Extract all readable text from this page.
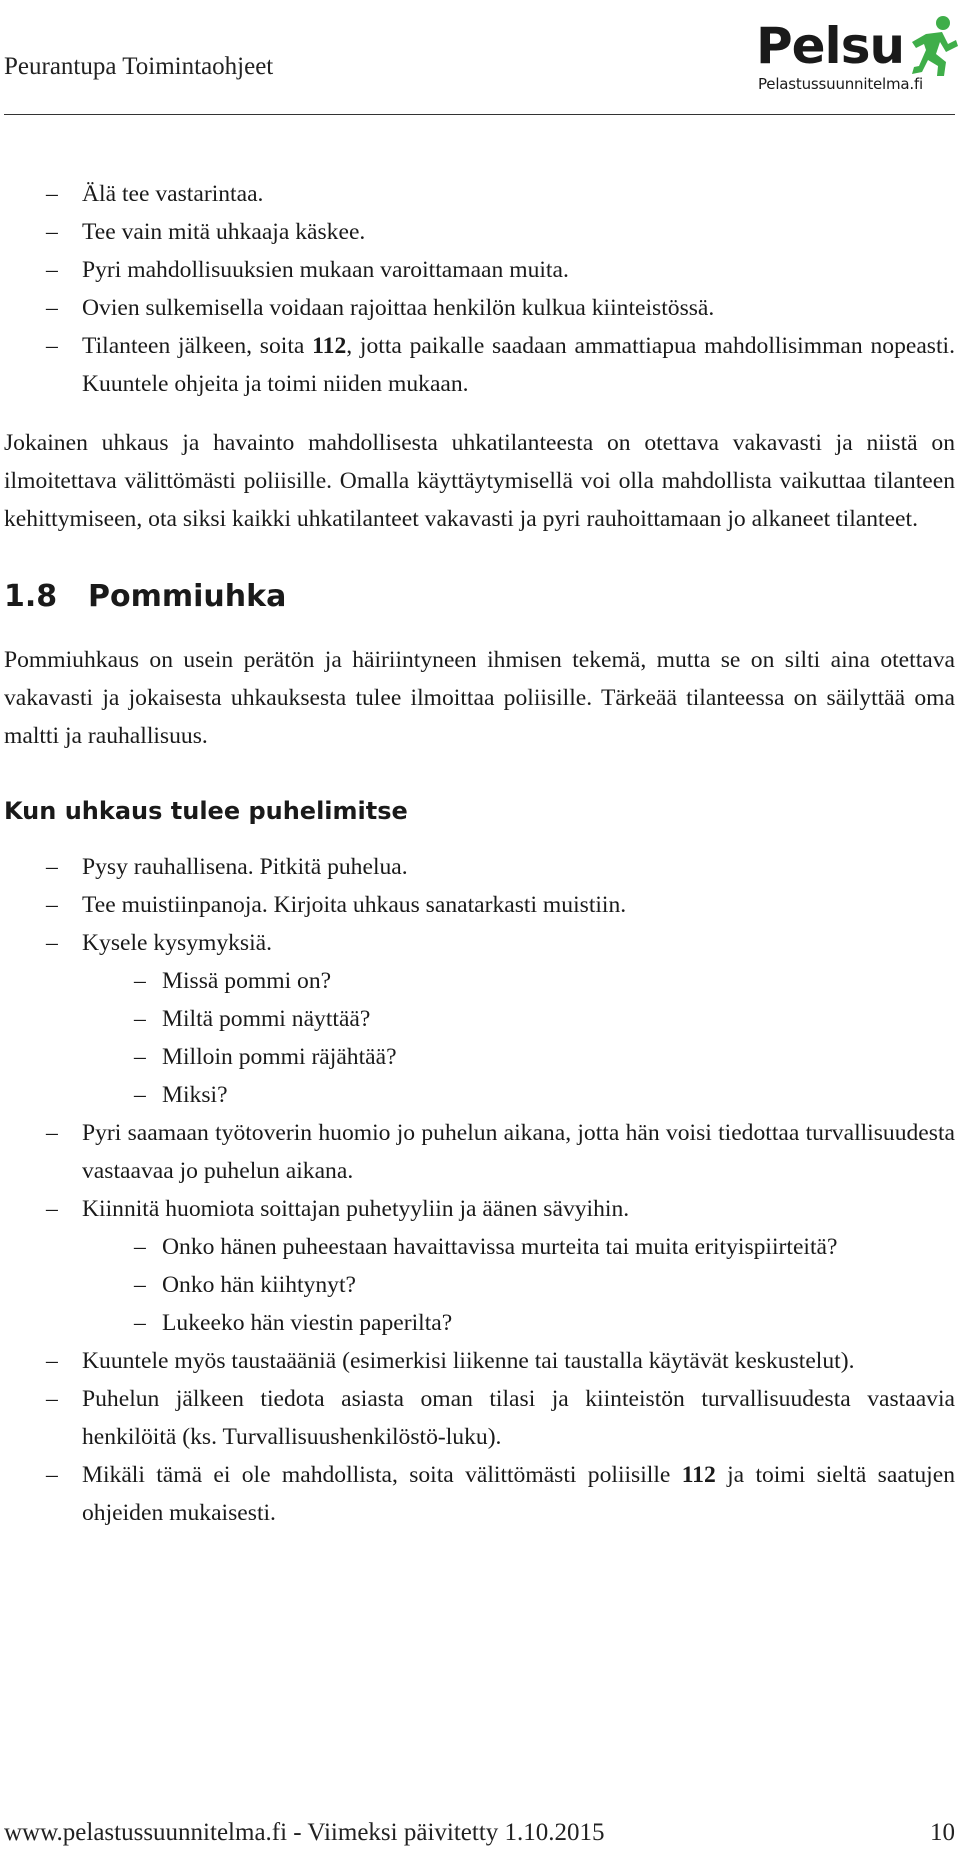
Peurantupa Toimintaohjeet	Pelsu
Pelastussuunnitelma.fi
– Älä tee vastarintaa.
– Tee vain mitä uhkaaja käskee.
– Pyri mahdollisuuksien mukaan varoittamaan muita.
– Ovien sulkemisella voidaan rajoittaa henkilön kulkua kiinteistössä.
– Tilanteen jälkeen, soita 112, jotta paikalle saadaan ammattiapua mahdollisimman nopeasti. Kuuntele ohjeita ja toimi niiden mukaan.

Jokainen uhkaus ja havainto mahdollisesta uhkatilanteesta on otettava vakavasti ja niistä on ilmoitettava välittömästi poliisille. Omalla käyttäytymisellä voi olla mahdollista vaikuttaa tilanteen kehittymiseen, ota siksi kaikki uhkatilanteet vakavasti ja pyri rauhoittamaan jo alkaneet tilanteet.

1.8 Pommiuhka

Pommiuhkaus on usein perätön ja häiriintyneen ihmisen tekemä, mutta se on silti aina otettava vakavasti ja jokaisesta uhkauksesta tulee ilmoittaa poliisille. Tärkeää tilanteessa on säilyttää oma maltti ja rauhallisuus.

Kun uhkaus tulee puhelimitse
– Pysy rauhallisena. Pitkitä puhelua.
– Tee muistiinpanoja. Kirjoita uhkaus sanatarkasti muistiin.
– Kysele kysymyksiä.
– Missä pommi on?
– Miltä pommi näyttää?
– Milloin pommi räjähtää?
– Miksi?
– Pyri saamaan työtoverin huomio jo puhelun aikana, jotta hän voisi tiedottaa turvallisuudesta vastaavaa jo puhelun aikana.
– Kiinnitä huomiota soittajan puhetyyliin ja äänen sävyihin.
– Onko hänen puheestaan havaittavissa murteita tai muita erityispiirteitä?
– Onko hän kiihtynyt?
– Lukeeko hän viestin paperilta?
– Kuuntele myös taustaääniä (esimerkisi liikenne tai taustalla käytävät keskustelut).
– Puhelun jälkeen tiedota asiasta oman tilasi ja kiinteistön turvallisuudesta vastaavia henkilöitä (ks. Turvallisuushenkilöstö-luku).
– Mikäli tämä ei ole mahdollista, soita välittömästi poliisille 112 ja toimi sieltä saatujen ohjeiden mukaisesti.
www.pelastussuunnitelma.fi - Viimeksi päivitetty 1.10.2015	10
